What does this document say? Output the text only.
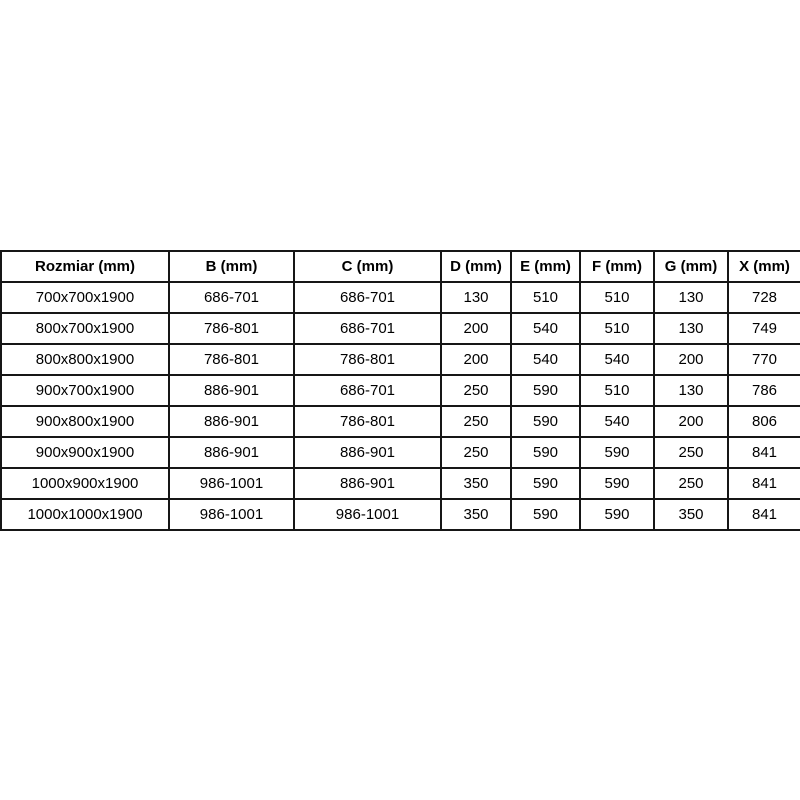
Rozmiar (mm)	B (mm)	C (mm)	D (mm)	E (mm)	F (mm)	G (mm)	X (mm)
700x700x1900	686-701	686-701	130	510	510	130	728
800x700x1900	786-801	686-701	200	540	510	130	749
800x800x1900	786-801	786-801	200	540	540	200	770
900x700x1900	886-901	686-701	250	590	510	130	786
900x800x1900	886-901	786-801	250	590	540	200	806
900x900x1900	886-901	886-901	250	590	590	250	841
1000x900x1900	986-1001	886-901	350	590	590	250	841
1000x1000x1900	986-1001	986-1001	350	590	590	350	841
